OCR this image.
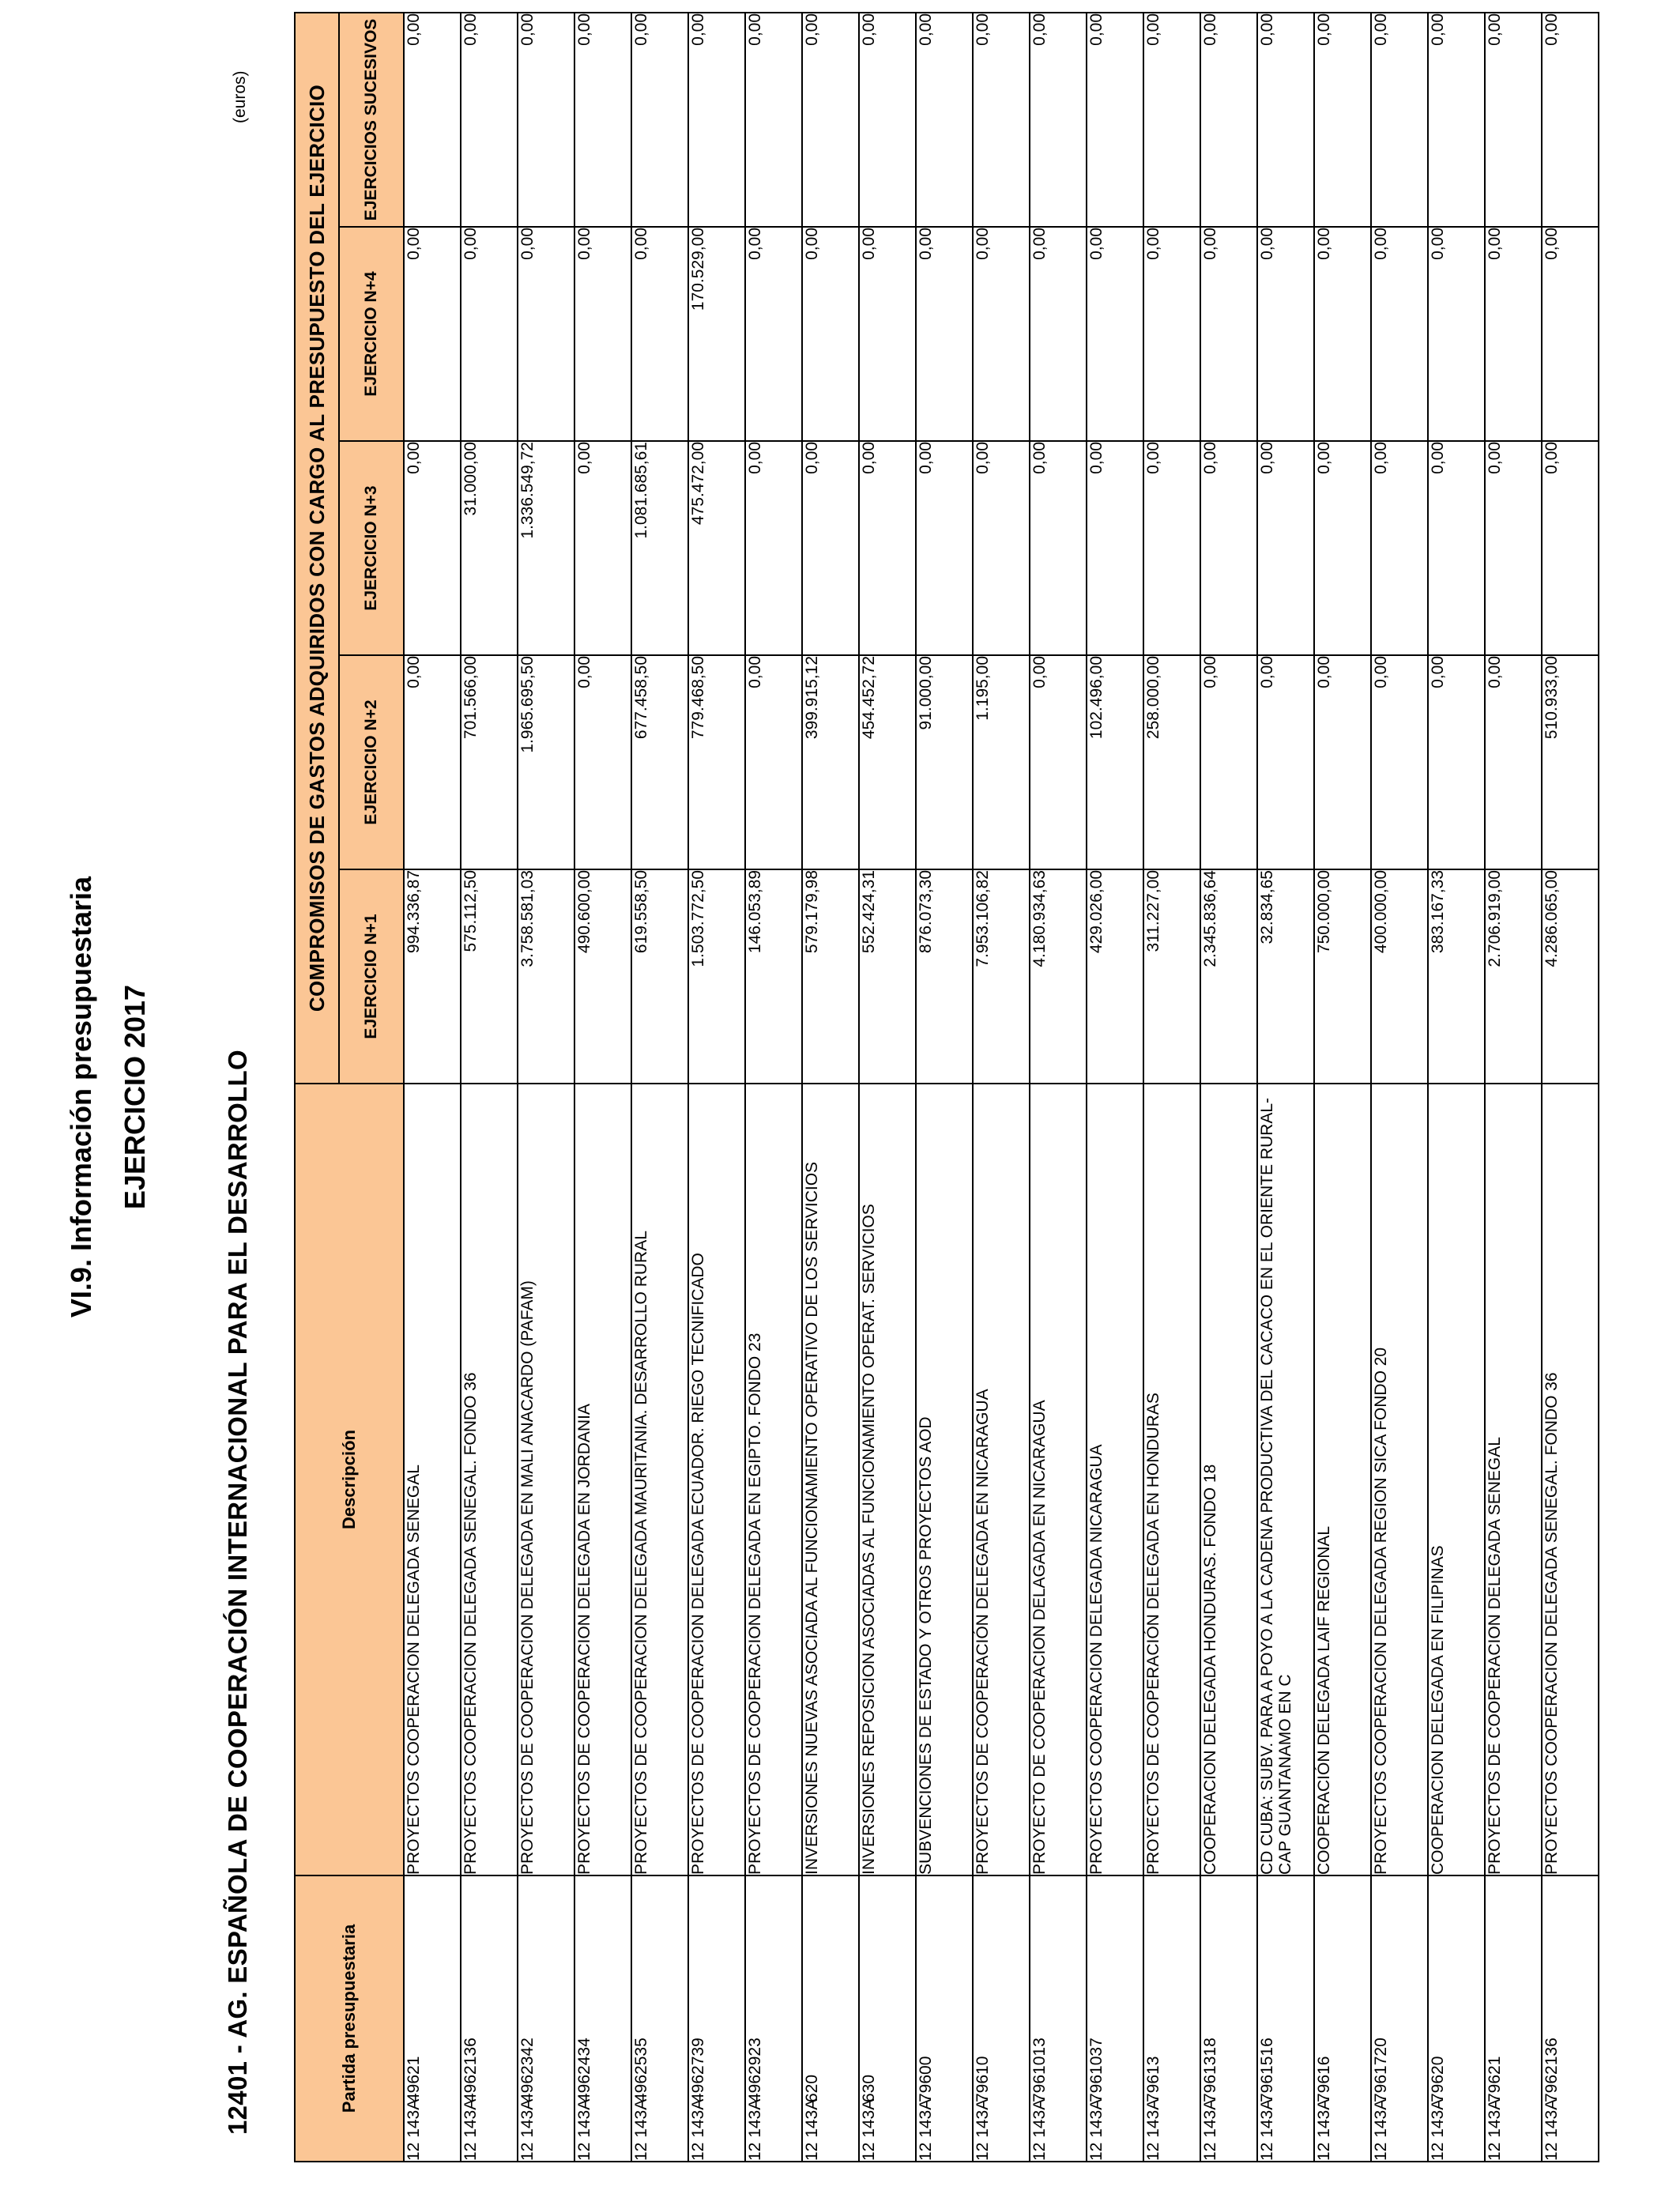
VI.9. Información presupuestaria EJERCICIO 2017	12401 - AG. ESPAÑOLA DE COOPERACIÓN INTERNACIONAL PARA EL DESARROLLO
(euros)
Partida presupuestaria	Descripción	COMPROMISOS DE GASTOS ADQUIRIDOS CON CARGO AL PRESUPUESTO DEL EJERCICIO				
		EJERCICIO N+1	EJERCICIO N+2	EJERCICIO N+3	EJERCICIO N+4	EJERCICIOS SUCESIVOS
12 143A49621	PROYECTOS COOPERACION DELEGADA SENEGAL	994.336,87	0,00	0,00	0,00	0,00
12 143A4962136	PROYECTOS COOPERACION DELEGADA SENEGAL. FONDO 36	575.112,50	701.566,00	31.000,00	0,00	0,00
12 143A4962342	PROYECTOS DE COOPERACION DELEGADA EN MALI ANACARDO (PAFAM)	3.758.581,03	1.965.695,50	1.336.549,72	0,00	0,00
12 143A4962434	PROYECTOS DE COOPERACION DELEGADA EN JORDANIA	490.600,00	0,00	0,00	0,00	0,00
12 143A4962535	PROYECTOS DE COOPERACION DELEGADA MAURITANIA. DESARROLLO RURAL	619.558,50	677.458,50	1.081.685,61	0,00	0,00
12 143A4962739	PROYECTOS DE COOPERACION DELEGADA ECUADOR. RIEGO TECNIFICADO	1.503.772,50	779.468,50	475.472,00	170.529,00	0,00
12 143A4962923	PROYECTOS DE COOPERACION DELEGADA EN EGIPTO. FONDO 23	146.053,89	0,00	0,00	0,00	0,00
12 143A620	INVERSIONES NUEVAS ASOCIADA AL FUNCIONAMIENTO OPERATIVO DE LOS SERVICIOS	579.179,98	399.915,12	0,00	0,00	0,00
12 143A630	INVERSIONES REPOSICION ASOCIADAS AL FUNCIONAMIENTO OPERAT. SERVICIOS	552.424,31	454.452,72	0,00	0,00	0,00
12 143A79600	SUBVENCIONES DE ESTADO Y OTROS PROYECTOS AOD	876.073,30	91.000,00	0,00	0,00	0,00
12 143A79610	PROYECTOS DE COOPERACIÓN DELEGADA EN NICARAGUA	7.953.106,82	1.195,00	0,00	0,00	0,00
12 143A7961013	PROYECTO DE COOPERACION DELAGADA EN NICARAGUA	4.180.934,63	0,00	0,00	0,00	0,00
12 143A7961037	PROYECTOS COOPERACION DELEGADA NICARAGUA	429.026,00	102.496,00	0,00	0,00	0,00
12 143A79613	PROYECTOS DE COOPERACIÓN DELEGADA EN HONDURAS	311.227,00	258.000,00	0,00	0,00	0,00
12 143A7961318	COOPERACION DELEGADA HONDURAS. FONDO 18	2.345.836,64	0,00	0,00	0,00	0,00
12 143A7961516	CD CUBA: SUBV. PARA A POYO A LA CADENA PRODUCTIVA DEL CACACO EN EL ORIENTE RURAL-CAP GUANTANAMO EN C	32.834,65	0,00	0,00	0,00	0,00
12 143A79616	COOPERACIÓN DELEGADA LAIF REGIONAL	750.000,00	0,00	0,00	0,00	0,00
12 143A7961720	PROYECTOS COOPERACION DELEGADA REGION SICA FONDO 20	400.000,00	0,00	0,00	0,00	0,00
12 143A79620	COOPERACION DELEGADA EN FILIPINAS	383.167,33	0,00	0,00	0,00	0,00
12 143A79621	PROYECTOS DE COOPERACION DELEGADA SENEGAL	2.706.919,00	0,00	0,00	0,00	0,00
12 143A7962136	PROYECTOS COOPERACION DELEGADA SENEGAL. FONDO 36	4.286.065,00	510.933,00	0,00	0,00	0,00
